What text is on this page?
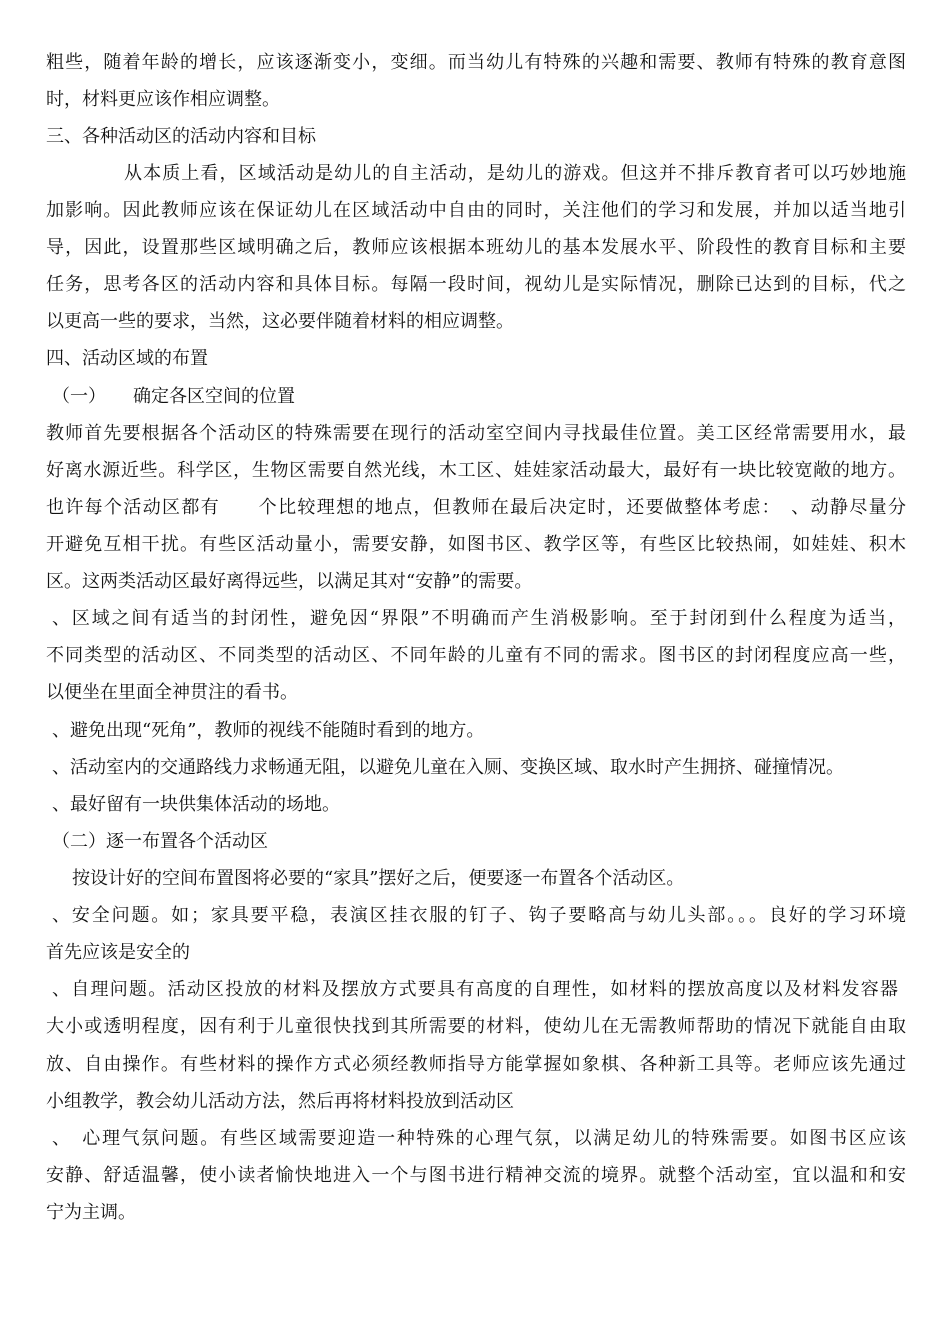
粗些，随着年龄的增长，应该逐渐变小，变细。而当幼儿有特殊的兴趣和需要、教师有特殊的教育意图
时，材料更应该作相应调整。
三、各种活动区的活动内容和目标
从本质上看，区域活动是幼儿的自主活动，是幼儿的游戏。但这并不排斥教育者可以巧妙地施
加影响。因此教师应该在保证幼儿在区域活动中自由的同时，关注他们的学习和发展，并加以适当地引
导，因此，设置那些区域明确之后，教师应该根据本班幼儿的基本发展水平、阶段性的教育目标和主要
任务，思考各区的活动内容和具体目标。每隔一段时间，视幼儿是实际情况，删除已达到的目标，代之
以更高一些的要求，当然，这必要伴随着材料的相应调整。
四、活动区域的布置
（一）　　确定各区空间的位置
教师首先要根据各个活动区的特殊需要在现行的活动室空间内寻找最佳位置。美工区经常需要用水，最
好离水源近些。科学区，生物区需要自然光线，木工区、娃娃家活动最大，最好有一块比较宽敞的地方。
也许每个活动区都有　　个比较理想的地点，但教师在最后决定时，还要做整体考虑：　、动静尽量分
开避免互相干扰。有些区活动量小，需要安静，如图书区、教学区等，有些区比较热闹，如娃娃、积木
区。这两类活动区最好离得远些，以满足其对“安静”的需要。
、区域之间有适当的封闭性，避免因“界限”不明确而产生消极影响。至于封闭到什么程度为适当，
不同类型的活动区、不同类型的活动区、不同年龄的儿童有不同的需求。图书区的封闭程度应高一些，
以便坐在里面全神贯注的看书。
、避免出现“死角”，教师的视线不能随时看到的地方。
、活动室内的交通路线力求畅通无阻，以避免儿童在入厕、变换区域、取水时产生拥挤、碰撞情况。
、最好留有一块供集体活动的场地。
（二）逐一布置各个活动区
按设计好的空间布置图将必要的“家具”摆好之后，便要逐一布置各个活动区。
、安全问题。如；家具要平稳，表演区挂衣服的钉子、钩子要略高与幼儿头部。。。良好的学习环境
首先应该是安全的
、自理问题。活动区投放的材料及摆放方式要具有高度的自理性，如材料的摆放高度以及材料发容器
大小或透明程度，因有利于儿童很快找到其所需要的材料，使幼儿在无需教师帮助的情况下就能自由取
放、自由操作。有些材料的操作方式必须经教师指导方能掌握如象棋、各种新工具等。老师应该先通过
小组教学，教会幼儿活动方法，然后再将材料投放到活动区
、　心理气氛问题。有些区域需要迎造一种特殊的心理气氛，以满足幼儿的特殊需要。如图书区应该
安静、舒适温馨，使小读者愉快地进入一个与图书进行精神交流的境界。就整个活动室，宜以温和和安
宁为主调。
